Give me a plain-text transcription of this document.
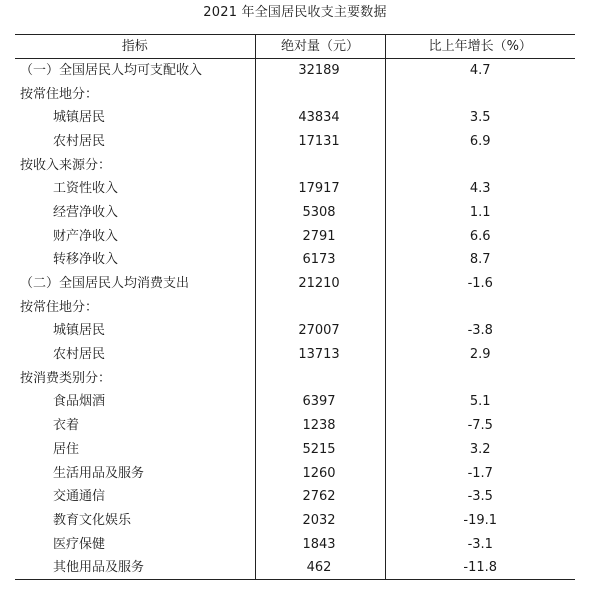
2021 年全国居民收支主要数据
指标	绝对量（元）	比上年增长（%）
（一）全国居民人均可支配收入	32189	4.7
按常住地分：		
城镇居民	43834	3.5
农村居民	17131	6.9
按收入来源分：		
工资性收入	17917	4.3
经营净收入	5308	1.1
财产净收入	2791	6.6
转移净收入	6173	8.7
（二）全国居民人均消费支出	21210	-1.6
按常住地分：		
城镇居民	27007	-3.8
农村居民	13713	2.9
按消费类别分：		
食品烟酒	6397	5.1
衣着	1238	-7.5
居住	5215	3.2
生活用品及服务	1260	-1.7
交通通信	2762	-3.5
教育文化娱乐	2032	-19.1
医疗保健	1843	-3.1
其他用品及服务	462	-11.8
